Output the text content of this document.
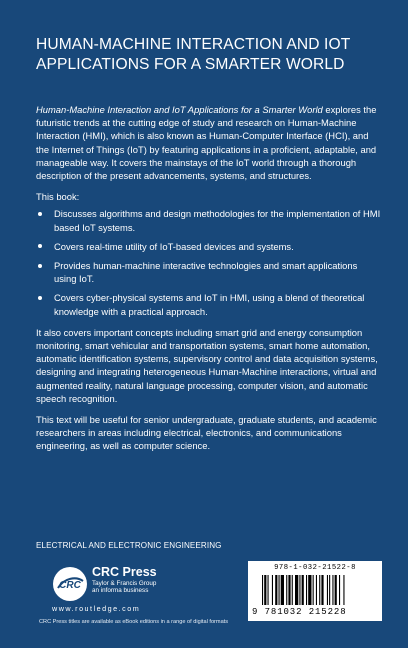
HUMAN-MACHINE INTERACTION AND IOT
APPLICATIONS FOR A SMARTER WORLD

Human-Machine Interaction and IoT Applications for a Smarter World explores the futuristic trends at the cutting edge of study and research on Human-Machine Interaction (HMI), which is also known as Human-Computer Interface (HCI), and the Internet of Things (IoT) by featuring applications in a proficient, adaptable, and manageable way. It covers the mainstays of the IoT world through a thorough description of the present advancements, systems, and structures.

This book:

Discusses algorithms and design methodologies for the implementation of HMI based IoT systems.
Covers real-time utility of IoT-based devices and systems.
Provides human-machine interactive technologies and smart applications using IoT.
Covers cyber-physical systems and IoT in HMI, using a blend of theoretical knowledge with a practical approach.

It also covers important concepts including smart grid and energy consumption monitoring, smart vehicular and transportation systems, smart home automation, automatic identification systems, supervisory control and data acquisition systems, designing and integrating heterogeneous Human-Machine interactions, virtual and augmented reality, natural language processing, computer vision, and automatic speech recognition.

This text will be useful for senior undergraduate, graduate students, and academic researchers in areas including electrical, electronics, and communications engineering, as well as computer science.

ELECTRICAL AND ELECTRONIC ENGINEERING
CRC
CRC Press
Taylor & Francis Group
an informa business
www.routledge.com
CRC Press titles are available as eBook editions in a range of digital formats
978-1-032-21522-8
9 781032 215228
